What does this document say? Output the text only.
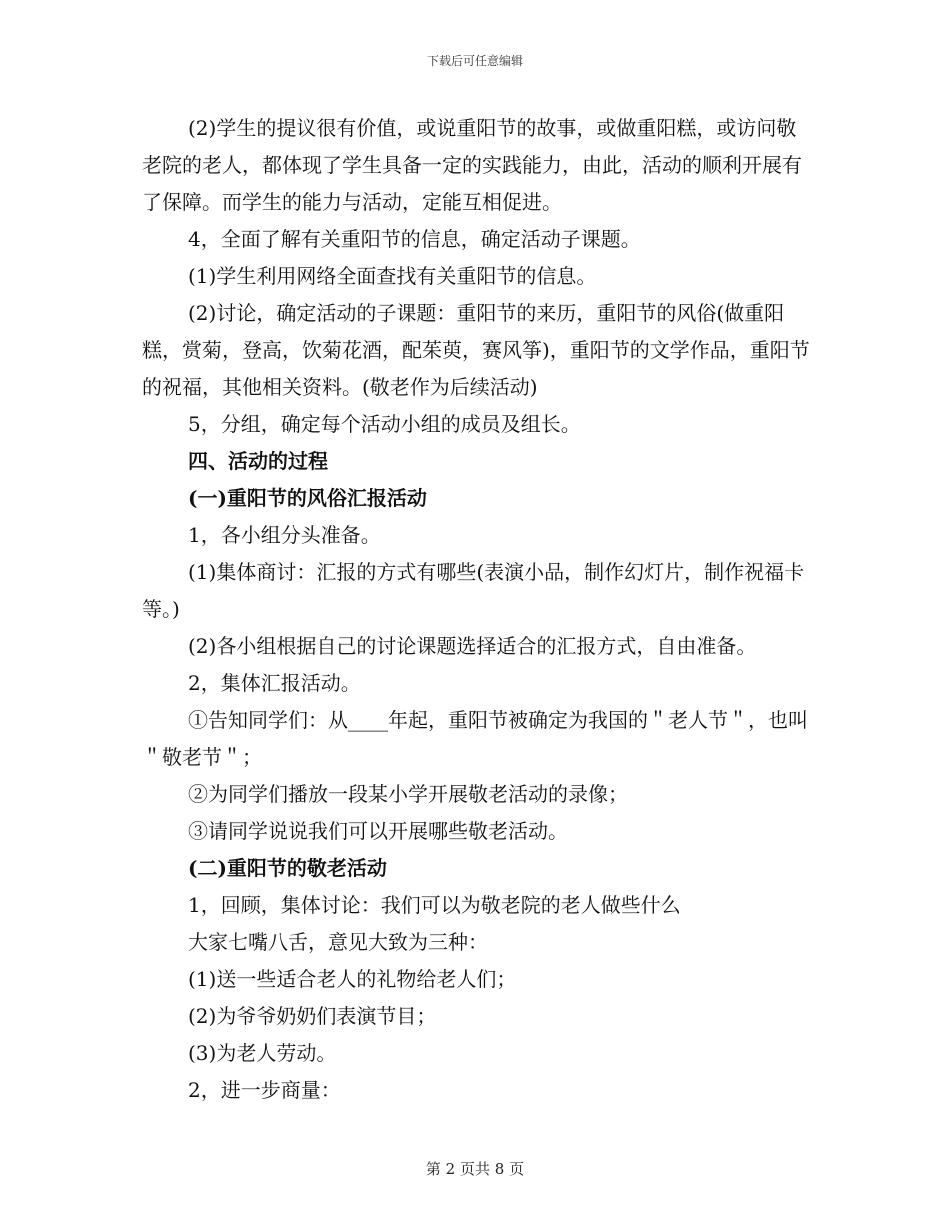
下载后可任意编辑

(2)学生的提议很有价值，或说重阳节的故事，或做重阳糕，或访问敬老院的老人，都体现了学生具备一定的实践能力，由此，活动的顺利开展有了保障。而学生的能力与活动，定能互相促进。

4，全面了解有关重阳节的信息，确定活动子课题。

(1)学生利用网络全面查找有关重阳节的信息。

(2)讨论，确定活动的子课题：重阳节的来历，重阳节的风俗(做重阳糕，赏菊，登高，饮菊花酒，配茱萸，赛风筝)，重阳节的文学作品，重阳节的祝福，其他相关资料。(敬老作为后续活动)

5，分组，确定每个活动小组的成员及组长。

四、活动的过程

(一)重阳节的风俗汇报活动

1，各小组分头准备。

(1)集体商讨：汇报的方式有哪些(表演小品，制作幻灯片，制作祝福卡等。)

(2)各小组根据自己的讨论课题选择适合的汇报方式，自由准备。

2，集体汇报活动。

①告知同学们：从____年起，重阳节被确定为我国的＂老人节＂，也叫＂敬老节＂；

②为同学们播放一段某小学开展敬老活动的录像；

③请同学说说我们可以开展哪些敬老活动。

(二)重阳节的敬老活动

1，回顾，集体讨论：我们可以为敬老院的老人做些什么

大家七嘴八舌，意见大致为三种：

(1)送一些适合老人的礼物给老人们；

(2)为爷爷奶奶们表演节目；

(3)为老人劳动。

2，进一步商量：

第 2 页共 8 页
